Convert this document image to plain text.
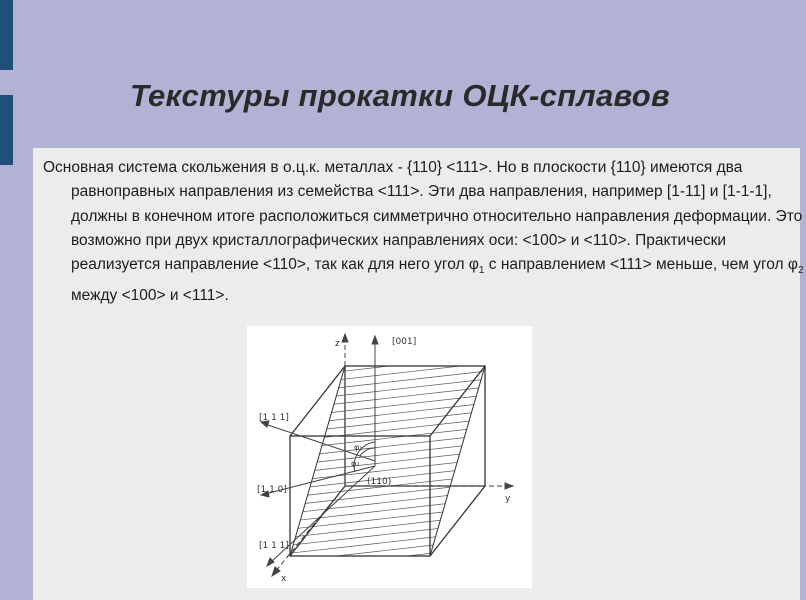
Текстуры прокатки ОЦК-сплавов

Основная система скольжения в о.ц.к. металлах - {110} <111>. Но в плоскости {110} имеются два равноправных направления из семейства <111>. Эти два направления, например [1-11] и [1-1-1], должны в конечном итоге расположиться симметрично относительно направления деформации. Это возможно при двух кристаллографических направлениях оси: <100> и <110>. Практически реализуется направление <110>, так как для него угол $\varphi_1$ с направлением <111> меньше, чем угол $\varphi_2$ между <100> и <111>.

z	[001]
[1 1 1]
[1 1 0]
[1 1 1]
(110)
y
x
φ₁
φ₂
